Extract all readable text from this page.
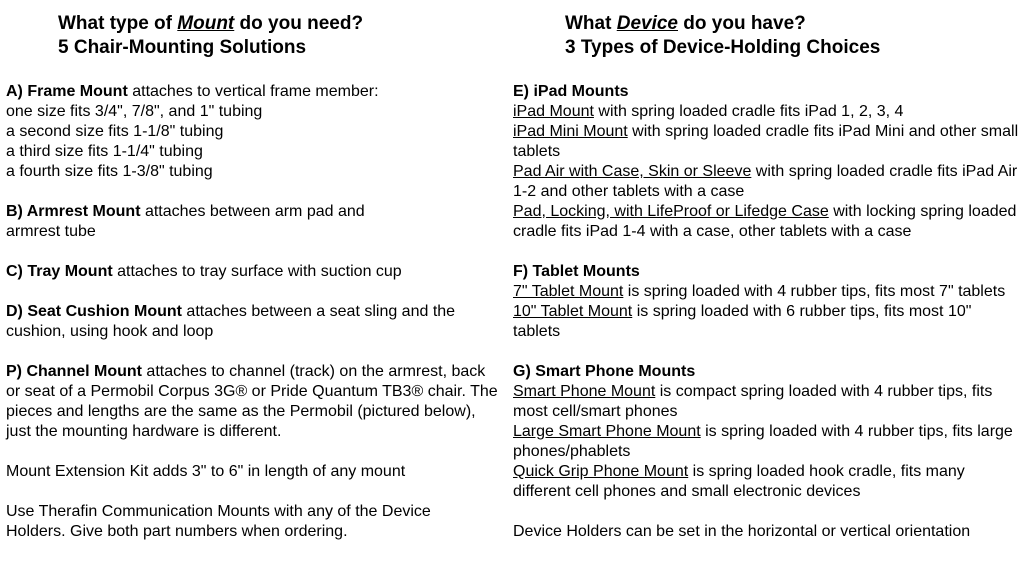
What type of Mount do you need?

5 Chair-Mounting Solutions

A) Frame Mount attaches to vertical frame member:
one size fits 3/4", 7/8", and 1" tubing
a second size fits 1-1/8" tubing
a third size fits 1-1/4" tubing
a fourth size fits 1-3/8" tubing
B) Armrest Mount attaches between arm pad and armrest tube
C) Tray Mount attaches to tray surface with suction cup
D) Seat Cushion Mount attaches between a seat sling and the cushion, using hook and loop
P) Channel Mount attaches to channel (track) on the armrest, back or seat of a Permobil Corpus 3G® or Pride Quantum TB3® chair. The pieces and lengths are the same as the Permobil (pictured below), just the mounting hardware is different.
Mount Extension Kit adds 3" to 6" in length of any mount
Use Therafin Communication Mounts with any of the Device Holders. Give both part numbers when ordering.

What Device do you have?

3 Types of Device-Holding Choices

E) iPad Mounts
iPad Mount with spring loaded cradle fits iPad 1, 2, 3, 4
iPad Mini Mount with spring loaded cradle fits iPad Mini and other small tablets
Pad Air with Case, Skin or Sleeve with spring loaded cradle fits iPad Air 1-2 and other tablets with a case
Pad, Locking, with LifeProof or Lifedge Case with locking spring loaded cradle fits iPad 1-4 with a case, other tablets with a case
F) Tablet Mounts
7" Tablet Mount is spring loaded with 4 rubber tips, fits most 7" tablets
10" Tablet Mount is spring loaded with 6 rubber tips, fits most 10" tablets
G) Smart Phone Mounts
Smart Phone Mount is compact spring loaded with 4 rubber tips, fits most cell/smart phones
Large Smart Phone Mount is spring loaded with 4 rubber tips, fits large phones/phablets
Quick Grip Phone Mount is spring loaded hook cradle, fits many different cell phones and small electronic devices
Device Holders can be set in the horizontal or vertical orientation
